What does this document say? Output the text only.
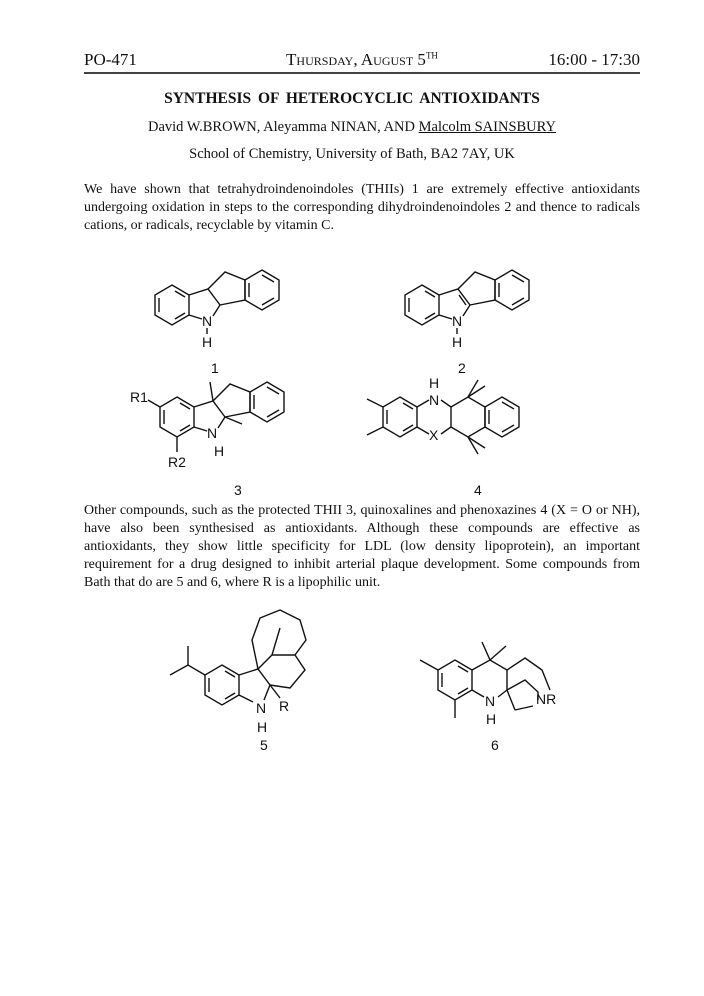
PO-471	Thursday, August 5TH	16:00 - 17:30
SYNTHESIS OF HETEROCYCLIC ANTIOXIDANTS
David W.BROWN, Aleyamma NINAN, AND Malcolm SAINSBURY
School of Chemistry, University of Bath, BA2 7AY, UK
We have shown that tetrahydroindenoindoles (THIIs) 1 are extremely effective antioxidants undergoing oxidation in steps to the corresponding dihydroindenoindoles 2 and thence to radicals cations, or radicals, recyclable by vitamin C.
N
H
1
N
H
2
R1
R2
N
H
3
N
H
X
4
Other compounds, such as the protected THII 3, quinoxalines and phenoxazines 4 (X = O or NH), have also been synthesised as antioxidants. Although these compounds are effective as antioxidants, they show little specificity for LDL (low density lipoprotein), an important requirement for a drug designed to inhibit arterial plaque development. Some compounds from Bath that do are 5 and 6, where R is a lipophilic unit.
N
H
R
5
N
H
NR
6
